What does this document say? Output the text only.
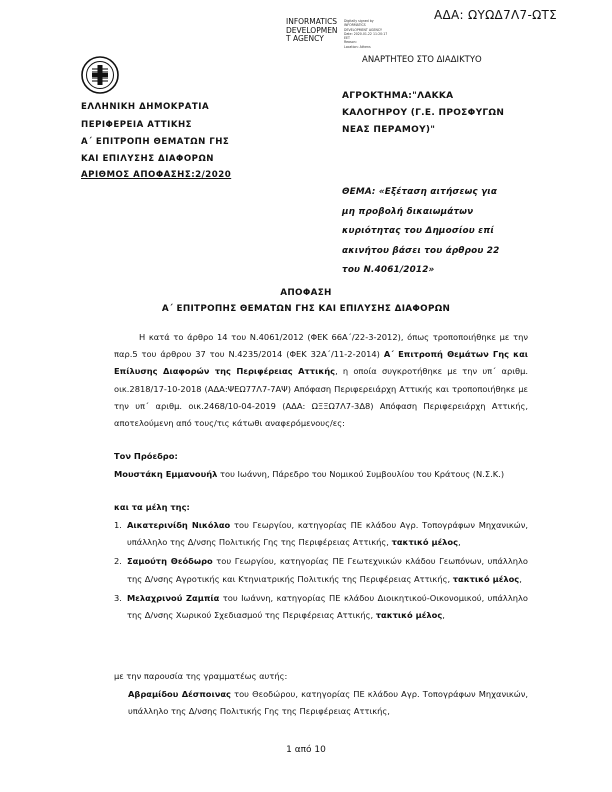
ΑΔΑ: ΩΥΩΔ7Λ7-ΩΤΣ
INFORMATICS
DEVELOPMEN
T AGENCY
Digitally signed by
INFORMATICS
DEVELOPMENT AGENCY
Date: 2020.01.22 11:20:17
EET
Reason:
Location: Athens
ΑΝΑΡΤΗΤΕΟ ΣΤΟ ΔΙΑΔΙΚΤΥΟ
ΕΛΛΗΝΙΚΗ ΔΗΜΟΚΡΑΤΙΑ
ΠΕΡΙΦΕΡΕΙΑ ΑΤΤΙΚΗΣ
Α΄ ΕΠΙΤΡΟΠΗ ΘΕΜΑΤΩΝ ΓΗΣ
ΚΑΙ ΕΠΙΛΥΣΗΣ ΔΙΑΦΟΡΩΝ
ΑΡΙΘΜΟΣ ΑΠΟΦΑΣΗΣ:2/2020
ΑΓΡΟΚΤΗΜΑ:"ΛΑΚΚΑ
ΚΑΛΟΓΗΡΟΥ (Γ.Ε. ΠΡΟΣΦΥΓΩΝ
ΝΕΑΣ ΠΕΡΑΜΟΥ)"
ΘΕΜΑ: «Εξέταση αιτήσεως για
μη προβολή δικαιωμάτων
κυριότητας του Δημοσίου επί
ακινήτου βάσει του άρθρου 22
του Ν.4061/2012»
ΑΠΟΦΑΣΗ
Α΄ ΕΠΙΤΡΟΠΗΣ ΘΕΜΑΤΩΝ ΓΗΣ ΚΑΙ ΕΠΙΛΥΣΗΣ ΔΙΑΦΟΡΩΝ
Η κατά το άρθρο 14 του Ν.4061/2012 (ΦΕΚ 66Α΄/22-3-2012), όπως τροποποιήθηκε με την παρ.5 του άρθρου 37 του Ν.4235/2014 (ΦΕΚ 32Α΄/11-2-2014) Α΄ Επιτροπή Θεμάτων Γης και Επίλυσης Διαφορών της Περιφέρειας Αττικής, η οποία συγκροτήθηκε με την υπ΄ αριθμ. οικ.2818/17-10-2018 (ΑΔΑ:ΨΕΩ77Λ7-7ΑΨ) Απόφαση Περιφερειάρχη Αττικής και τροποποιήθηκε με την υπ΄ αριθμ. οικ.2468/10-04-2019 (ΑΔΑ: ΩΞΞΩ7Λ7-3Δ8) Απόφαση Περιφερειάρχη Αττικής, αποτελούμενη από τους/τις κάτωθι αναφερόμενους/ες:
Τον Πρόεδρο:
Μουστάκη Εμμανουήλ του Ιωάννη, Πάρεδρο του Νομικού Συμβουλίου του Κράτους (Ν.Σ.Κ.)
και τα μέλη της:
1. Αικατερινίδη Νικόλαο του Γεωργίου, κατηγορίας ΠΕ κλάδου Αγρ. Τοπογράφων Μηχανικών, υπάλληλο της Δ/νσης Πολιτικής Γης της Περιφέρειας Αττικής, τακτικό μέλος,
2. Σαμούτη Θεόδωρο του Γεωργίου, κατηγορίας ΠΕ Γεωτεχνικών κλάδου Γεωπόνων, υπάλληλο της Δ/νσης Αγροτικής και Κτηνιατρικής Πολιτικής της Περιφέρειας Αττικής, τακτικό μέλος,
3. Μελαχρινού Ζαμπία του Ιωάννη, κατηγορίας ΠΕ κλάδου Διοικητικού-Οικονομικού, υπάλληλο της Δ/νσης Χωρικού Σχεδιασμού της Περιφέρειας Αττικής, τακτικό μέλος,
με την παρουσία της γραμματέως αυτής:
Αβραμίδου Δέσποινας του Θεοδώρου, κατηγορίας ΠΕ κλάδου Αγρ. Τοπογράφων Μηχανικών, υπάλληλο της Δ/νσης Πολιτικής Γης της Περιφέρειας Αττικής,
1 από 10
